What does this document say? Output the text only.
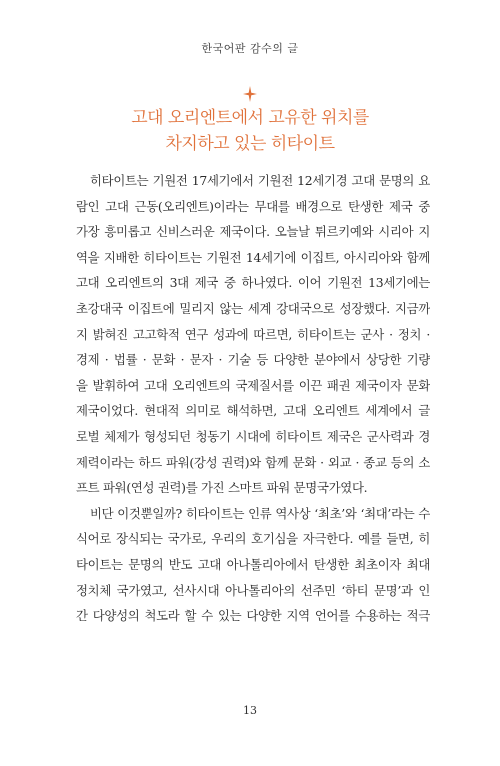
한국어판 감수의 글
고대 오리엔트에서 고유한 위치를
차지하고 있는 히타이트
히타이트는 기원전 17세기에서 기원전 12세기경 고대 문명의 요
람인 고대 근동(오리엔트)이라는 무대를 배경으로 탄생한 제국 중
가장 흥미롭고 신비스러운 제국이다. 오늘날 튀르키예와 시리아 지
역을 지배한 히타이트는 기원전 14세기에 이집트, 아시리아와 함께
고대 오리엔트의 3대 제국 중 하나였다. 이어 기원전 13세기에는
초강대국 이집트에 밀리지 않는 세계 강대국으로 성장했다. 지금까
지 밝혀진 고고학적 연구 성과에 따르면, 히타이트는 군사 · 정치 ·
경제 · 법률 · 문화 · 문자 · 기술 등 다양한 분야에서 상당한 기량
을 발휘하여 고대 오리엔트의 국제질서를 이끈 패권 제국이자 문화
제국이었다. 현대적 의미로 해석하면, 고대 오리엔트 세계에서 글
로벌 체제가 형성되던 청동기 시대에 히타이트 제국은 군사력과 경
제력이라는 하드 파워(강성 권력)와 함께 문화 · 외교 · 종교 등의 소
프트 파워(연성 권력)를 가진 스마트 파워 문명국가였다.
비단 이것뿐일까? 히타이트는 인류 역사상 ‘최초’와 ‘최대’라는 수
식어로 장식되는 국가로, 우리의 호기심을 자극한다. 예를 들면, 히
타이트는 문명의 반도 고대 아나톨리아에서 탄생한 최초이자 최대
정치체 국가였고, 선사시대 아나톨리아의 선주민 ‘하티 문명’과 인
간 다양성의 척도라 할 수 있는 다양한 지역 언어를 수용하는 적극
13
